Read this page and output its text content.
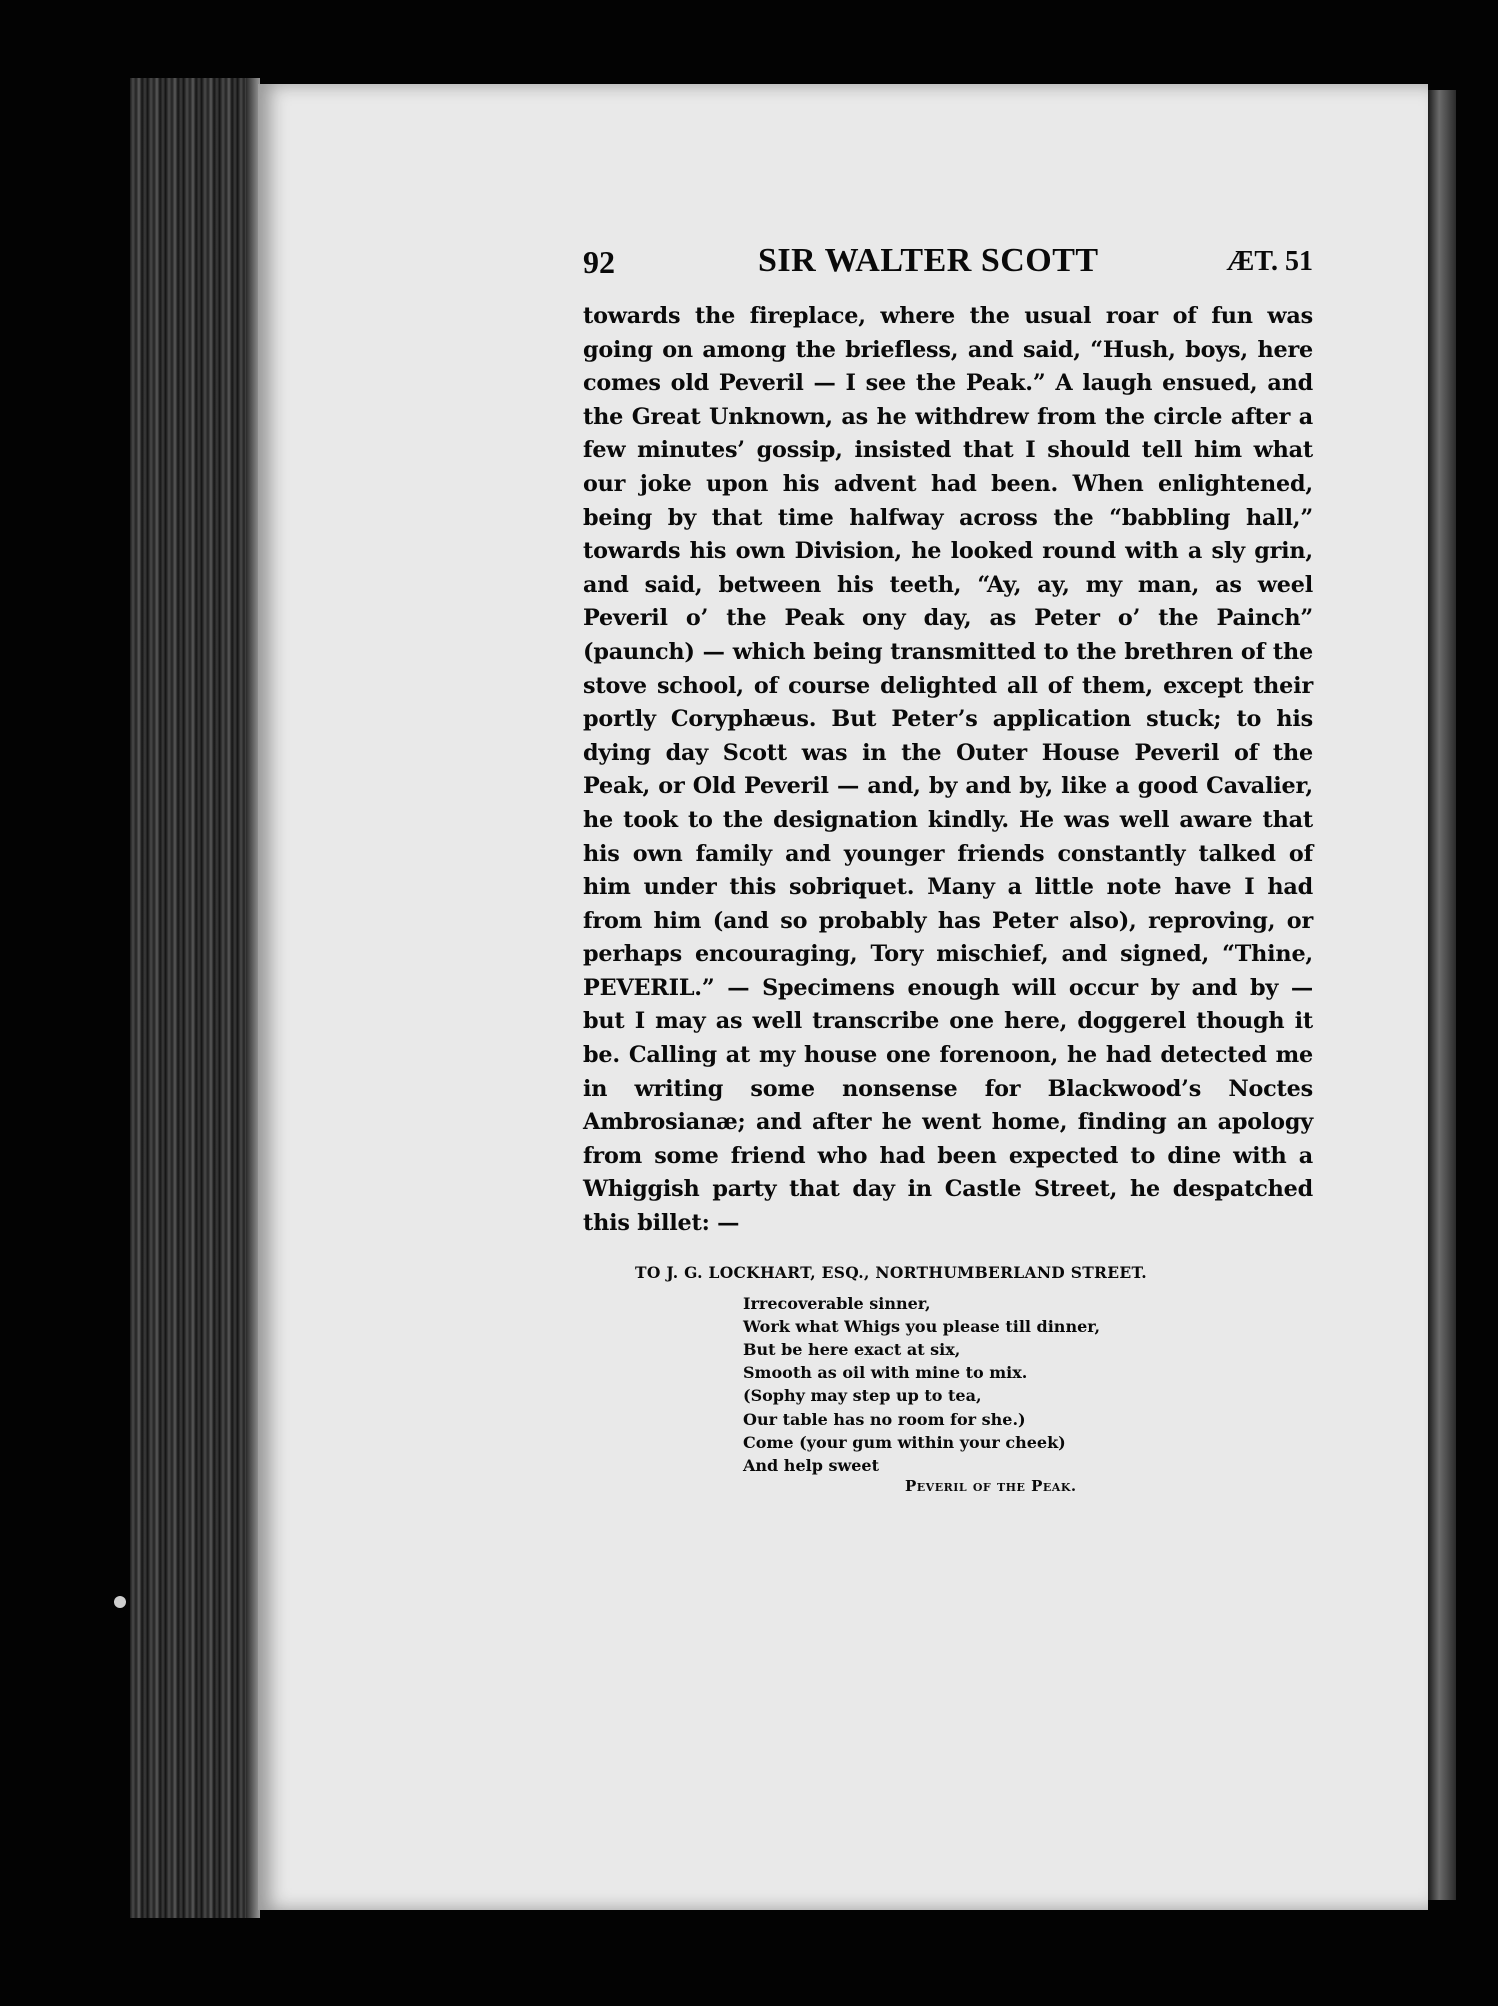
92	SIR WALTER SCOTT	ÆT. 51

towards the fireplace, where the usual roar of fun was going on among the briefless, and said, “Hush, boys, here comes old Peveril — I see the Peak.” A laugh ensued, and the Great Unknown, as he withdrew from the circle after a few minutes’ gossip, insisted that I should tell him what our joke upon his advent had been. When enlightened, being by that time halfway across the “babbling hall,” towards his own Division, he looked round with a sly grin, and said, between his teeth, “Ay, ay, my man, as weel Peveril o’ the Peak ony day, as Peter o’ the Painch” (paunch) — which being transmitted to the brethren of the stove school, of course delighted all of them, except their portly Coryphæus. But Peter’s application stuck; to his dying day Scott was in the Outer House Peveril of the Peak, or Old Peveril — and, by and by, like a good Cavalier, he took to the designation kindly. He was well aware that his own family and younger friends constantly talked of him under this sobriquet. Many a little note have I had from him (and so probably has Peter also), reproving, or perhaps encouraging, Tory mischief, and signed, “Thine, PEVERIL.” — Specimens enough will occur by and by — but I may as well transcribe one here, doggerel though it be. Calling at my house one forenoon, he had detected me in writing some nonsense for Blackwood’s Noctes Ambrosianæ; and after he went home, finding an apology from some friend who had been expected to dine with a Whiggish party that day in Castle Street, he despatched this billet: —

TO J. G. LOCKHART, ESQ., NORTHUMBERLAND STREET.
Irrecoverable sinner,
Work what Whigs you please till dinner,
But be here exact at six,
Smooth as oil with mine to mix.
(Sophy may step up to tea,
Our table has no room for she.)
Come (your gum within your cheek)
And help sweet
Peveril of the Peak.
